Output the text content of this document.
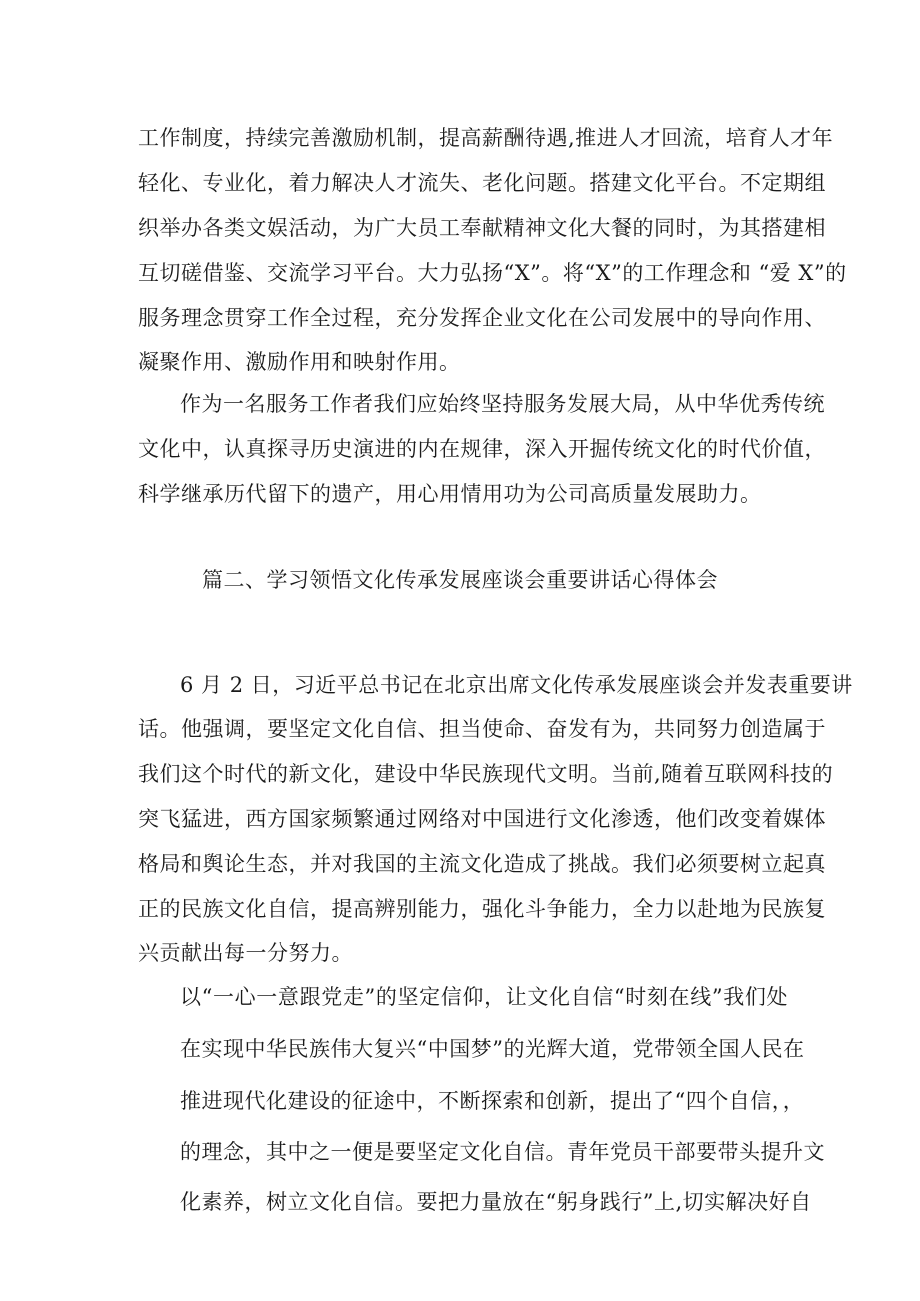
工作制度，持续完善激励机制，提高薪酬待遇,推进人才回流，培育人才年
轻化、专业化，着力解决人才流失、老化问题。搭建文化平台。不定期组
织举办各类文娱活动，为广大员工奉献精神文化大餐的同时，为其搭建相
互切磋借鉴、交流学习平台。大力弘扬“X”。将“X”的工作理念和 “爱 X”的
服务理念贯穿工作全过程，充分发挥企业文化在公司发展中的导向作用、
凝聚作用、激励作用和映射作用。
作为一名服务工作者我们应始终坚持服务发展大局，从中华优秀传统
文化中，认真探寻历史演进的内在规律，深入开掘传统文化的时代价值，
科学继承历代留下的遗产，用心用情用功为公司高质量发展助力。
篇二、学习领悟文化传承发展座谈会重要讲话心得体会
6 月 2 日，习近平总书记在北京出席文化传承发展座谈会并发表重要讲
话。他强调，要坚定文化自信、担当使命、奋发有为，共同努力创造属于
我们这个时代的新文化，建设中华民族现代文明。当前,随着互联网科技的
突飞猛进，西方国家频繁通过网络对中国进行文化渗透，他们改变着媒体
格局和舆论生态，并对我国的主流文化造成了挑战。我们必须要树立起真
正的民族文化自信，提高辨别能力，强化斗争能力，全力以赴地为民族复
兴贡献出每一分努力。
以“一心一意跟党走”的坚定信仰，让文化自信“时刻在线”我们处
在实现中华民族伟大复兴“中国梦”的光辉大道，党带领全国人民在
推进现代化建设的征途中，不断探索和创新，提出了“四个自信，，
的理念，其中之一便是要坚定文化自信。青年党员干部要带头提升文
化素养，树立文化自信。要把力量放在“躬身践行”上,切实解决好自
